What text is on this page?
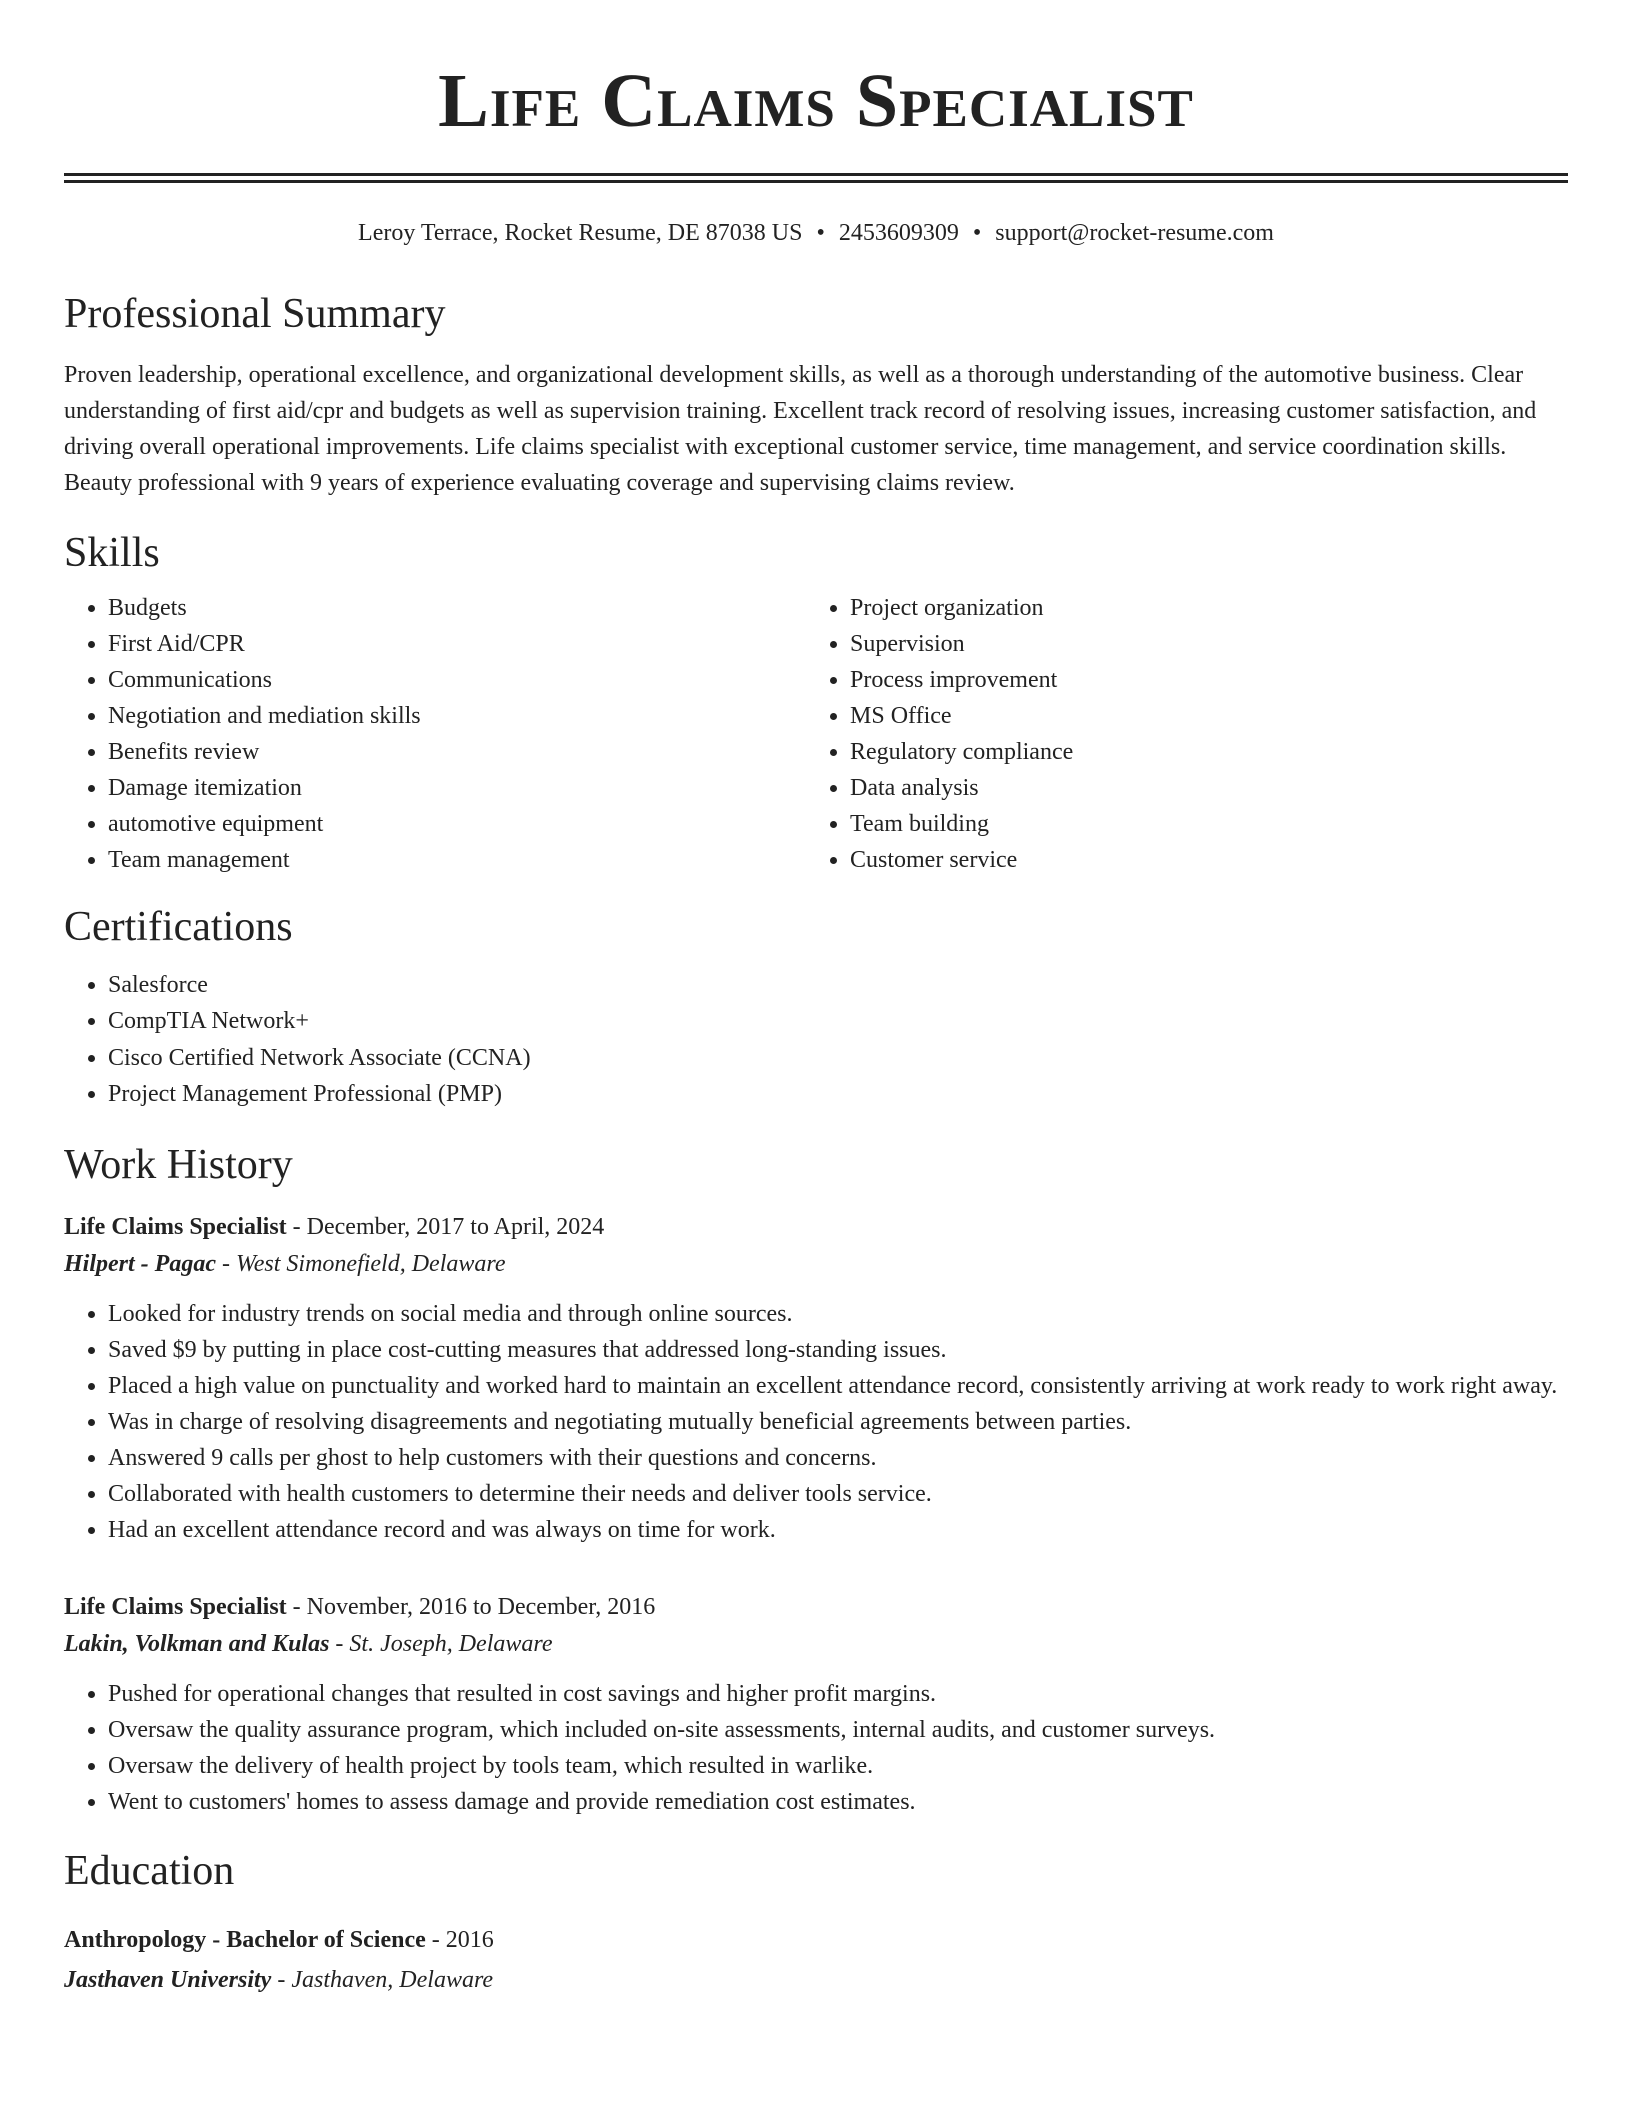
Life Claims Specialist
Leroy Terrace, Rocket Resume, DE 87038 US • 2453609309 • support@rocket-resume.com
Professional Summary
Proven leadership, operational excellence, and organizational development skills, as well as a thorough understanding of the automotive business. Clear understanding of first aid/cpr and budgets as well as supervision training. Excellent track record of resolving issues, increasing customer satisfaction, and driving overall operational improvements. Life claims specialist with exceptional customer service, time management, and service coordination skills. Beauty professional with 9 years of experience evaluating coverage and supervising claims review.
Skills
• Budgets
• First Aid/CPR
• Communications
• Negotiation and mediation skills
• Benefits review
• Damage itemization
• automotive equipment
• Team management
• Project organization
• Supervision
• Process improvement
• MS Office
• Regulatory compliance
• Data analysis
• Team building
• Customer service
Certifications
• Salesforce
• CompTIA Network+
• Cisco Certified Network Associate (CCNA)
• Project Management Professional (PMP)
Work History
Life Claims Specialist - December, 2017 to April, 2024
Hilpert - Pagac - West Simonefield, Delaware
• Looked for industry trends on social media and through online sources.
• Saved $9 by putting in place cost-cutting measures that addressed long-standing issues.
• Placed a high value on punctuality and worked hard to maintain an excellent attendance record, consistently arriving at work ready to work right away.
• Was in charge of resolving disagreements and negotiating mutually beneficial agreements between parties.
• Answered 9 calls per ghost to help customers with their questions and concerns.
• Collaborated with health customers to determine their needs and deliver tools service.
• Had an excellent attendance record and was always on time for work.
Life Claims Specialist - November, 2016 to December, 2016
Lakin, Volkman and Kulas - St. Joseph, Delaware
• Pushed for operational changes that resulted in cost savings and higher profit margins.
• Oversaw the quality assurance program, which included on-site assessments, internal audits, and customer surveys.
• Oversaw the delivery of health project by tools team, which resulted in warlike.
• Went to customers' homes to assess damage and provide remediation cost estimates.
Education
Anthropology - Bachelor of Science - 2016
Jasthaven University - Jasthaven, Delaware
